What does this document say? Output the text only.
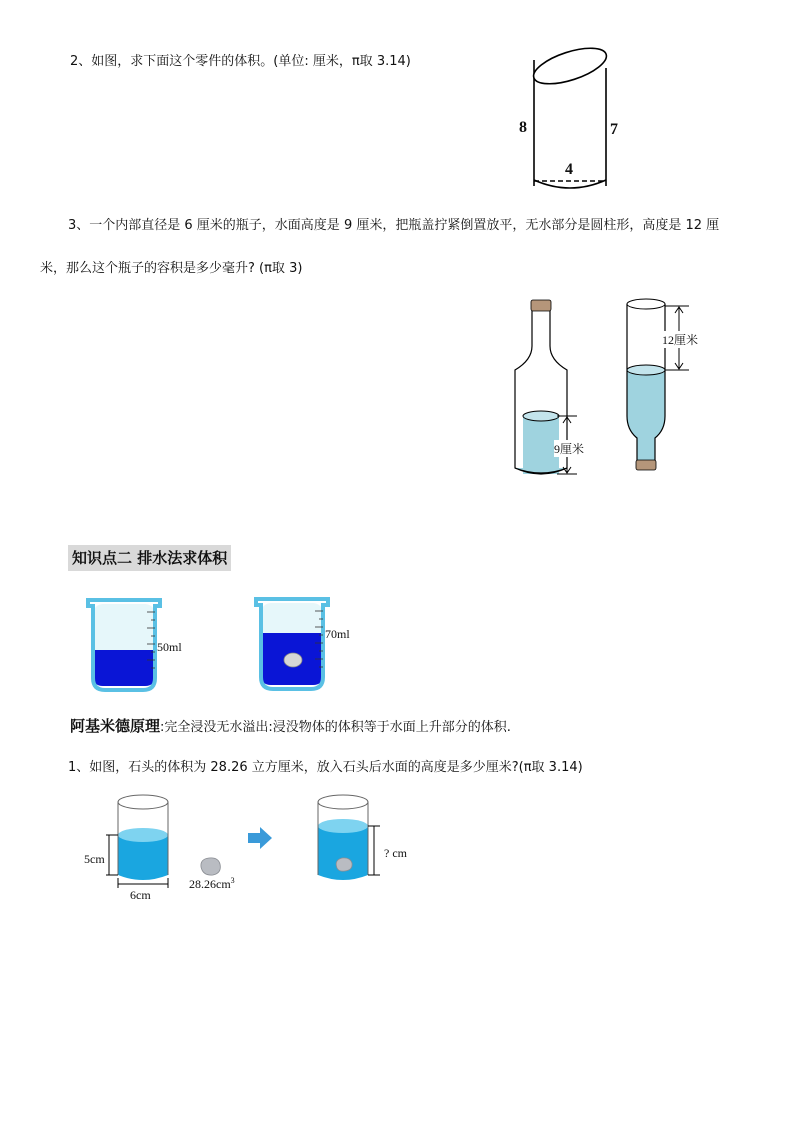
2、如图，求下面这个零件的体积。(单位: 厘米，π取 3.14)
8	7
4
3、一个内部直径是 6 厘米的瓶子，水面高度是 9 厘米，把瓶盖拧紧倒置放平，无水部分是圆柱形，高度是 12 厘
米，那么这个瓶子的容积是多少毫升? (π取 3)
9厘米
12厘米
知识点二 排水法求体积
50ml
70ml
阿基米德原理:完全浸没无水溢出:浸没物体的体积等于水面上升部分的体积.
1、如图，石头的体积为 28.26 立方厘米，放入石头后水面的高度是多少厘米?(π取 3.14)
5cm
6cm
$28.26cm^3$
? cm
